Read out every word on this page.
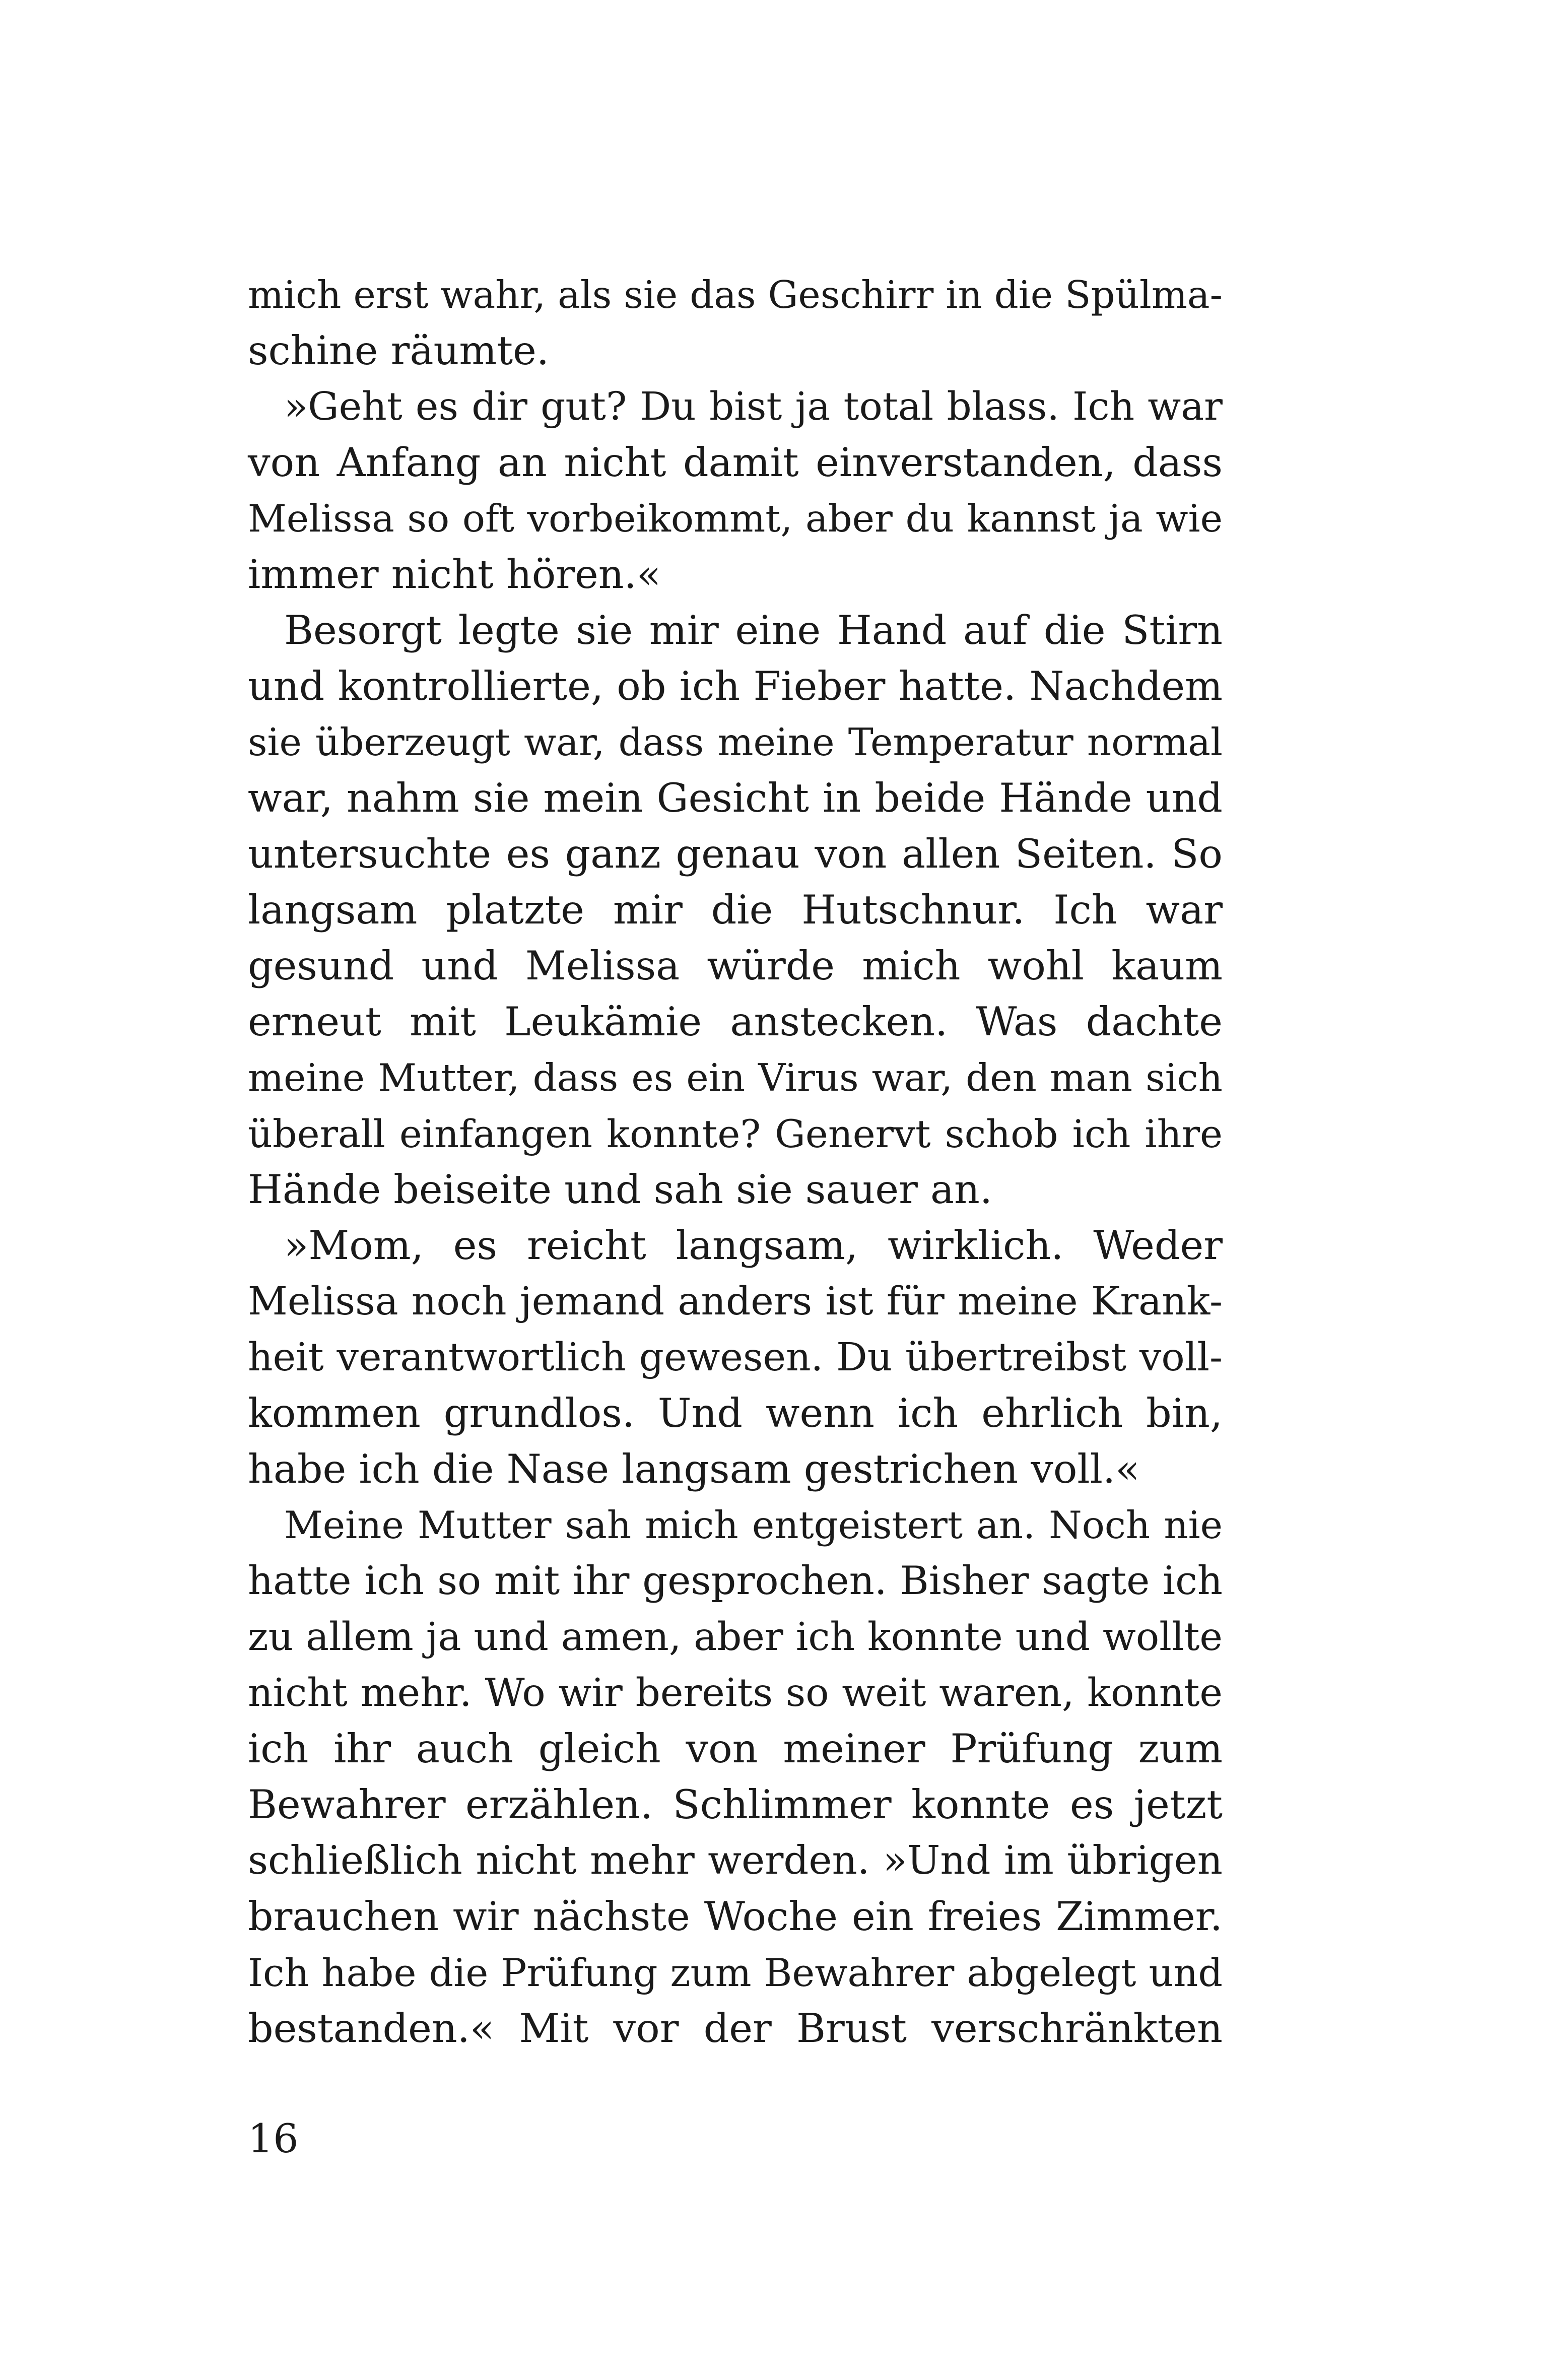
mich erst wahr, als sie das Geschirr in die Spülma-
schine räumte.
»Geht es dir gut? Du bist ja total blass. Ich war
von Anfang an nicht damit einverstanden, dass
Melissa so oft vorbeikommt, aber du kannst ja wie
immer nicht hören.«
Besorgt legte sie mir eine Hand auf die Stirn
und kontrollierte, ob ich Fieber hatte. Nachdem
sie überzeugt war, dass meine Temperatur normal
war, nahm sie mein Gesicht in beide Hände und
untersuchte es ganz genau von allen Seiten. So
langsam platzte mir die Hutschnur. Ich war
gesund und Melissa würde mich wohl kaum
erneut mit Leukämie anstecken. Was dachte
meine Mutter, dass es ein Virus war, den man sich
überall einfangen konnte? Genervt schob ich ihre
Hände beiseite und sah sie sauer an.
»Mom, es reicht langsam, wirklich. Weder
Melissa noch jemand anders ist für meine Krank-
heit verantwortlich gewesen. Du übertreibst voll-
kommen grundlos. Und wenn ich ehrlich bin,
habe ich die Nase langsam gestrichen voll.«
Meine Mutter sah mich entgeistert an. Noch nie
hatte ich so mit ihr gesprochen. Bisher sagte ich
zu allem ja und amen, aber ich konnte und wollte
nicht mehr. Wo wir bereits so weit waren, konnte
ich ihr auch gleich von meiner Prüfung zum
Bewahrer erzählen. Schlimmer konnte es jetzt
schließlich nicht mehr werden. »Und im übrigen
brauchen wir nächste Woche ein freies Zimmer.
Ich habe die Prüfung zum Bewahrer abgelegt und
bestanden.« Mit vor der Brust verschränkten
16
